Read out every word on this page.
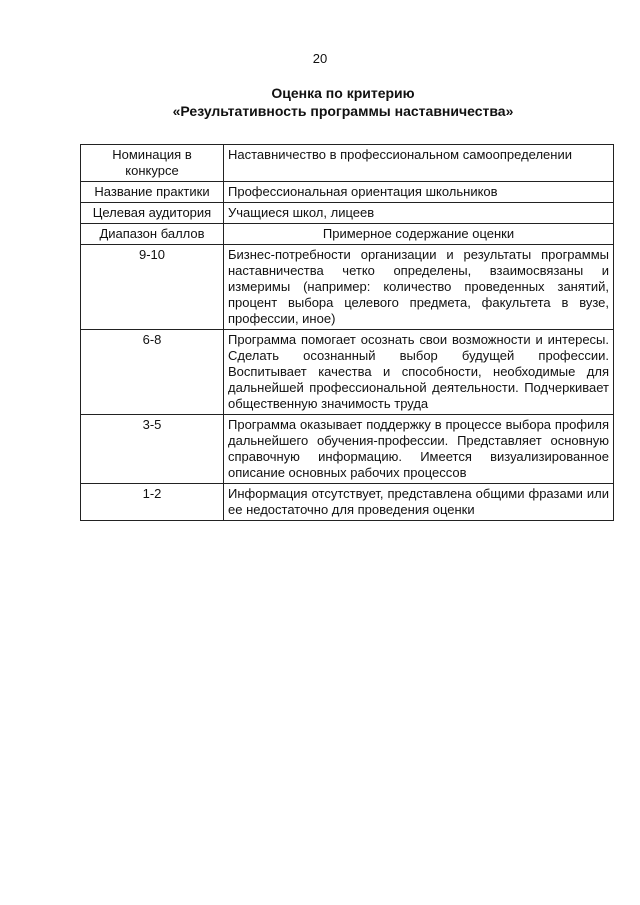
20
Оценка по критерию
«Результативность программы наставничества»
Номинация в конкурсе	Наставничество в профессиональном самоопределении
Название практики	Профессиональная ориентация школьников
Целевая аудитория	Учащиеся школ, лицеев
Диапазон баллов	Примерное содержание оценки
9-10	Бизнес-потребности организации и результаты программы наставничества четко определены, взаимосвязаны и измеримы (например: количество проведенных занятий, процент выбора целевого предмета, факультета в вузе, профессии, иное)
6-8	Программа помогает осознать свои возможности и интересы. Сделать осознанный выбор будущей профессии. Воспитывает качества и способности, необходимые для дальнейшей профессиональной деятельности. Подчеркивает общественную значимость труда
3-5	Программа оказывает поддержку в процессе выбора профиля дальнейшего обучения-профессии. Представляет основную справочную информацию. Имеется визуализированное описание основных рабочих процессов
1-2	Информация отсутствует, представлена общими фразами или ее недостаточно для проведения оценки
